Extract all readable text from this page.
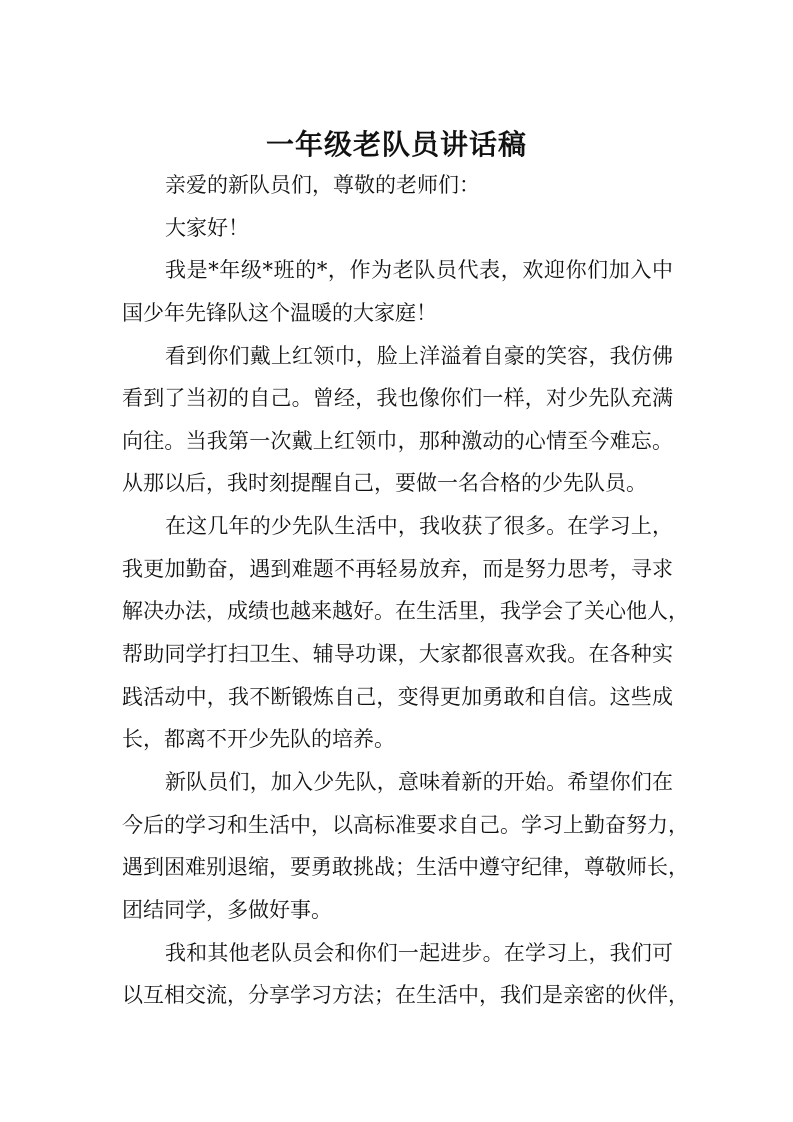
一年级老队员讲话稿
亲爱的新队员们，尊敬的老师们：
大家好！
我是*年级*班的*，作为老队员代表，欢迎你们加入中
国少年先锋队这个温暖的大家庭！
看到你们戴上红领巾，脸上洋溢着自豪的笑容，我仿佛
看到了当初的自己。曾经，我也像你们一样，对少先队充满
向往。当我第一次戴上红领巾，那种激动的心情至今难忘。
从那以后，我时刻提醒自己，要做一名合格的少先队员。
在这几年的少先队生活中，我收获了很多。在学习上，
我更加勤奋，遇到难题不再轻易放弃，而是努力思考，寻求
解决办法，成绩也越来越好。在生活里，我学会了关心他人，
帮助同学打扫卫生、辅导功课，大家都很喜欢我。在各种实
践活动中，我不断锻炼自己，变得更加勇敢和自信。这些成
长，都离不开少先队的培养。
新队员们，加入少先队，意味着新的开始。希望你们在
今后的学习和生活中，以高标准要求自己。学习上勤奋努力，
遇到困难别退缩，要勇敢挑战；生活中遵守纪律，尊敬师长，
团结同学，多做好事。
我和其他老队员会和你们一起进步。在学习上，我们可
以互相交流，分享学习方法；在生活中，我们是亲密的伙伴，
